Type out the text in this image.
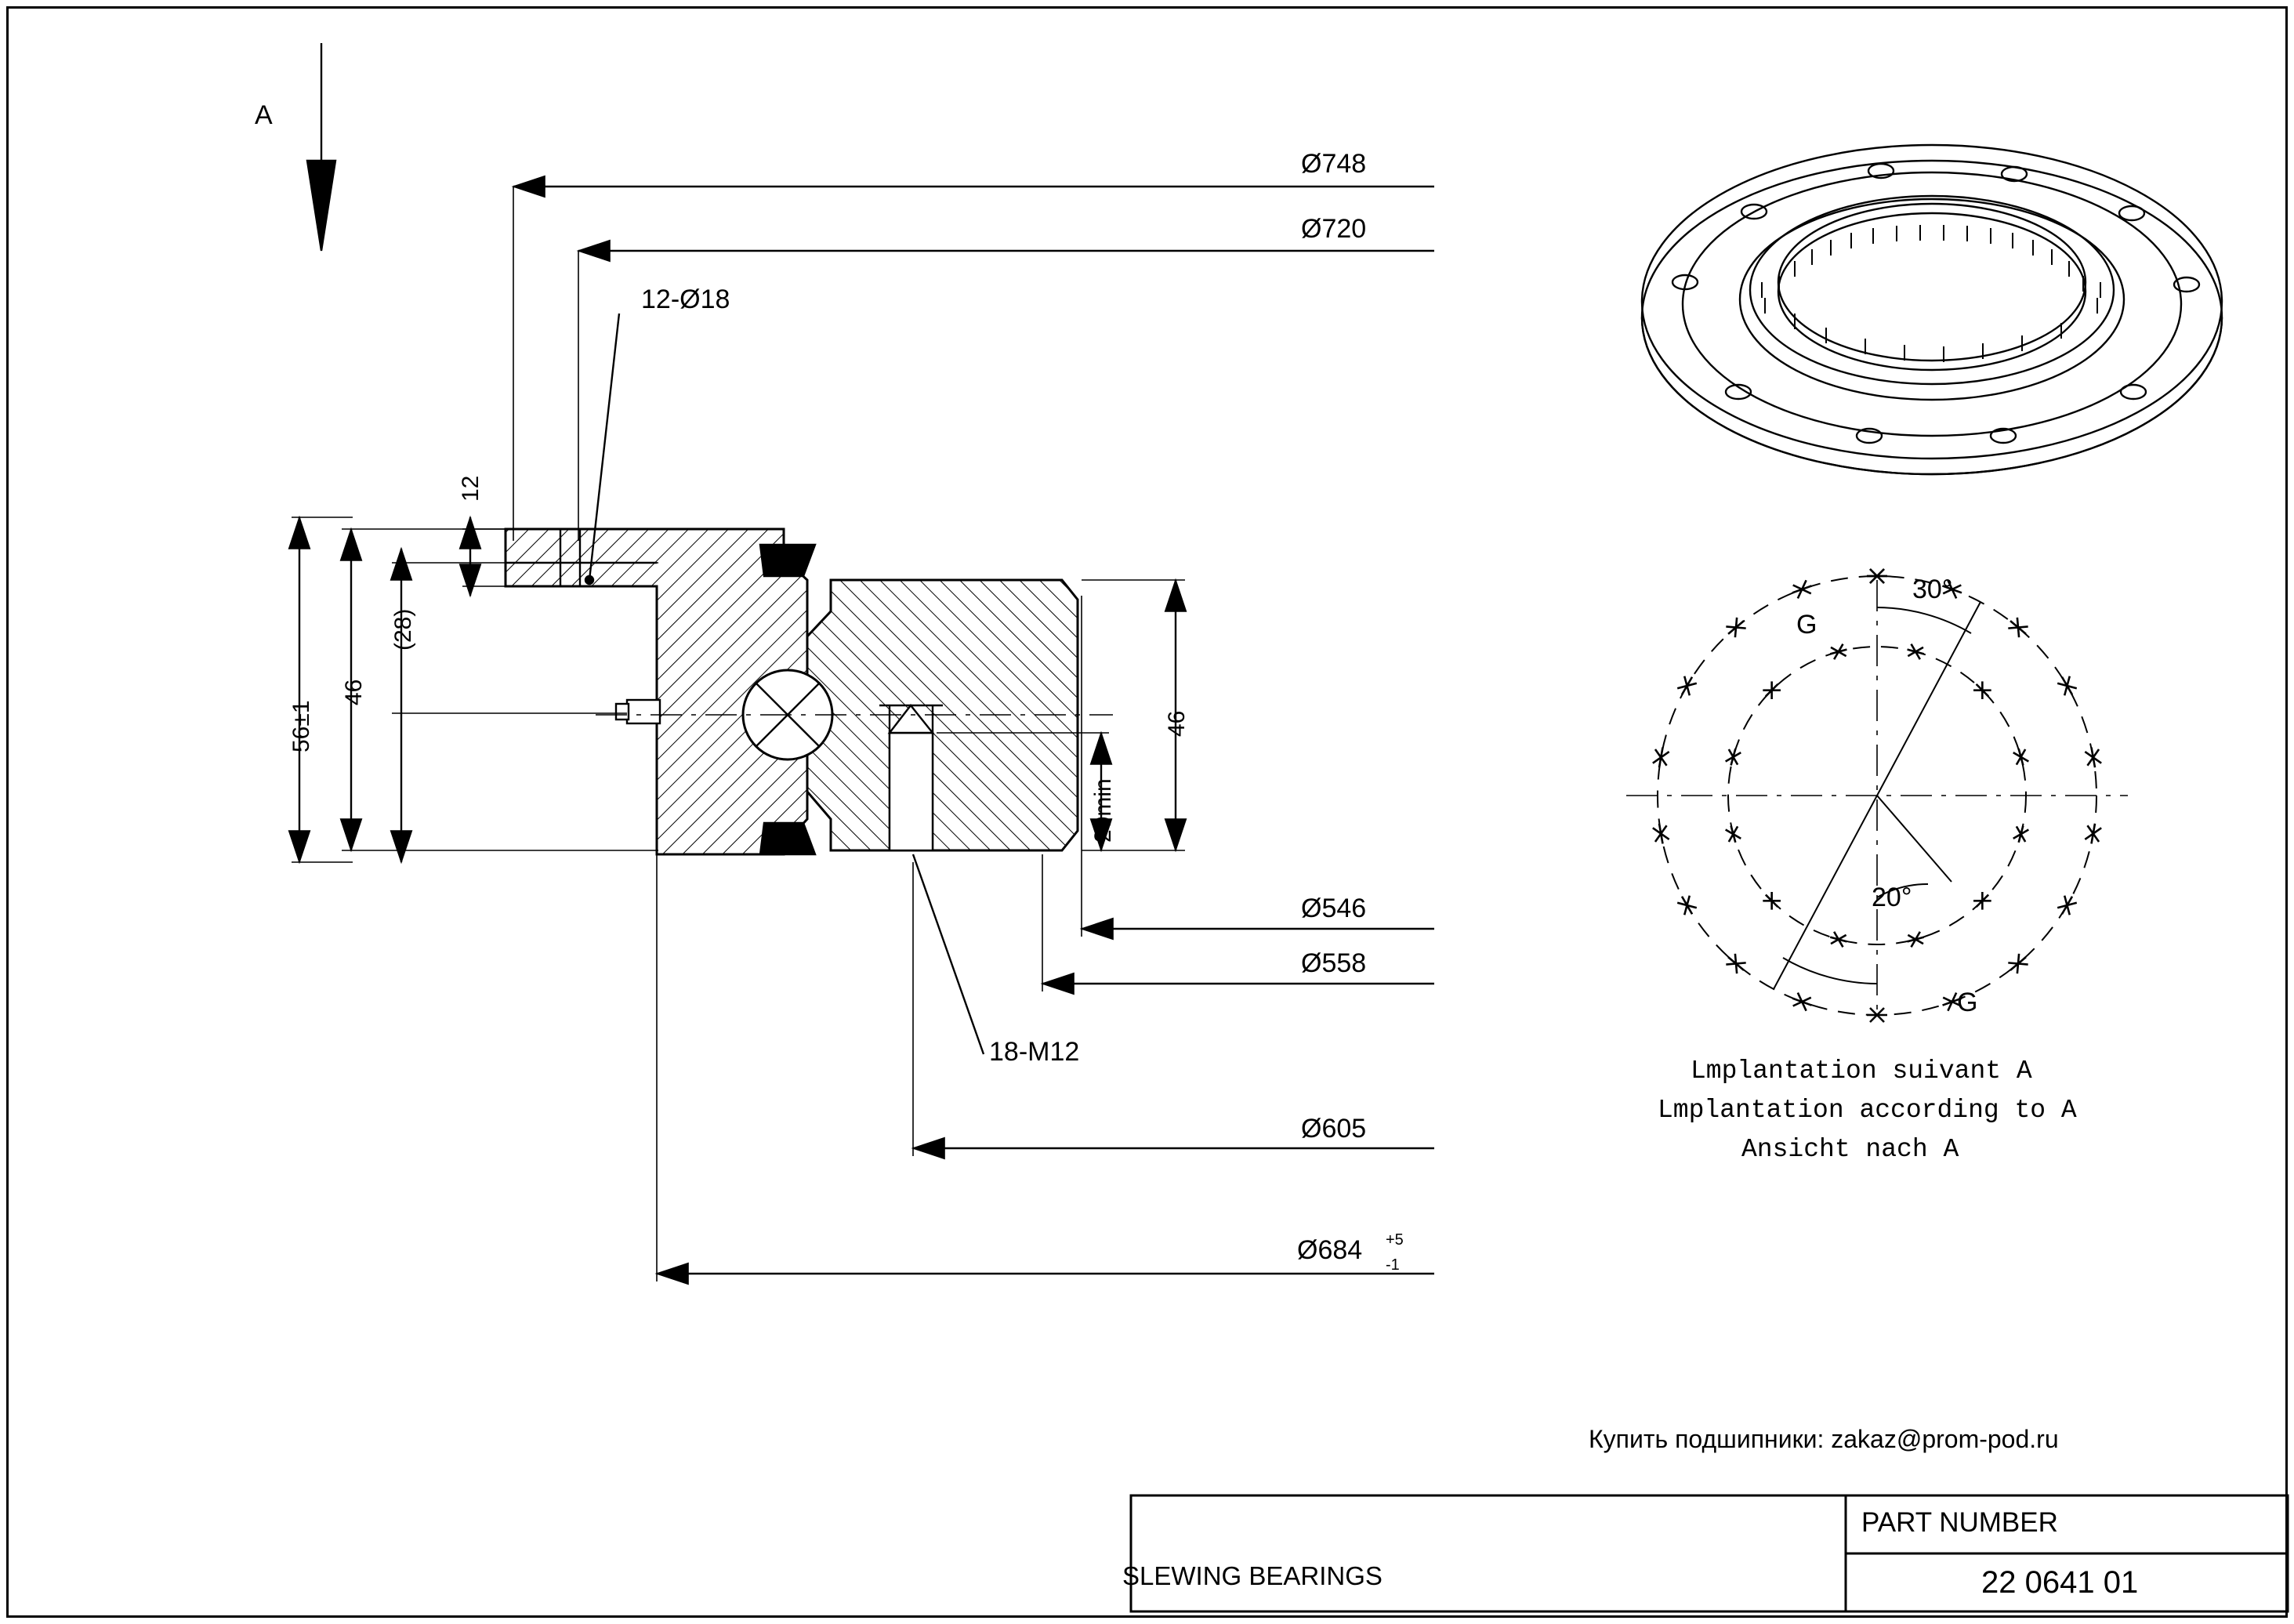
A
Ø748
Ø720
12-Ø18
12
(28)
46
56±1	46
20min
Ø546
Ø558
18-M12
Ø605
Ø684 +5
-1
30°
G
20°
G
Lmplantation suivant A
Lmplantation according to A
Ansicht nach A
Купить подшипники: zakaz@prom-pod.ru
SLEWING BEARINGS
PART NUMBER
22 0641 01
